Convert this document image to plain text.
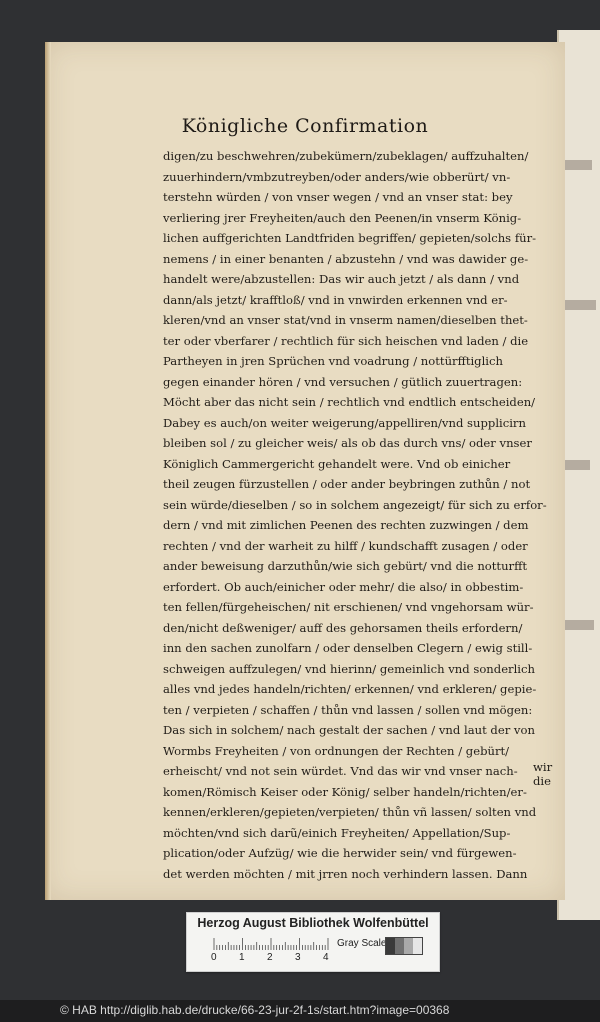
Königliche Confirmation
digen/zu beschwehren/zubekümern/zubeklagen/ auffzuhalten/
zuuerhindern/vmbzutreyben/oder anders/wie obberürt/ vn-
terstehn würden / von vnser wegen / vnd an vnser stat: bey
verliering jrer Freyheiten/auch den Peenen/in vnserm König-
lichen auffgerichten Landtfriden begriffen/ gepieten/solchs für-
nemens / in einer benanten / abzustehn / vnd was dawider ge-
handelt were/abzustellen: Das wir auch jetzt / als dann / vnd
dann/als jetzt/ krafftloß/ vnd in vnwirden erkennen vnd er-
kleren/vnd an vnser stat/vnd in vnserm namen/dieselben thet-
ter oder vberfarer / rechtlich für sich heischen vnd laden / die
Partheyen in jren Sprüchen vnd voadrung / nottürfftiglich
gegen einander hören / vnd versuchen / gütlich zuuertragen:
Möcht aber das nicht sein / rechtlich vnd endtlich entscheiden/
Dabey es auch/on weiter weigerung/appelliren/vnd supplicirn
bleiben sol / zu gleicher weis/ als ob das durch vns/ oder vnser
Königlich Cammergericht gehandelt were. Vnd ob einicher
theil zeugen fürzustellen / oder ander beybringen zuthůn / not
sein würde/dieselben / so in solchem angezeigt/ für sich zu erfor-
dern / vnd mit zimlichen Peenen des rechten zuzwingen / dem
rechten / vnd der warheit zu hilff / kundschafft zusagen / oder
ander beweisung darzuthůn/wie sich gebürt/ vnd die notturfft
erfordert. Ob auch/einicher oder mehr/ die also/ in obbestim-
ten fellen/fürgeheischen/ nit erschienen/ vnd vngehorsam wür-
den/nicht deßweniger/ auff des gehorsamen theils erfordern/
inn den sachen zunolfarn / oder denselben Clegern / ewig still-
schweigen auffzulegen/ vnd hierinn/ gemeinlich vnd sonderlich
alles vnd jedes handeln/richten/ erkennen/ vnd erkleren/ gepie-
ten / verpieten / schaffen / thůn vnd lassen / sollen vnd mögen:
Das sich in solchem/ nach gestalt der sachen / vnd laut der von
Wormbs Freyheiten / von ordnungen der Rechten / gebürt/
erheischt/ vnd not sein würdet. Vnd das wir vnd vnser nach-
komen/Römisch Keiser oder König/ selber handeln/richten/er-
kennen/erkleren/gepieten/verpieten/ thůn vñ lassen/ solten vnd
möchten/vnd sich darũ/einich Freyheiten/ Appellation/Sup-
plication/oder Aufzüg/ wie die herwider sein/ vnd fürgewen-
det werden möchten / mit jrren noch verhindern lassen. Dann
wir die
Herzog August Bibliothek Wolfenbüttel
0 1 2 3 4
Gray Scale
© HAB http://diglib.hab.de/drucke/66-23-jur-2f-1s/start.htm?image=00368
